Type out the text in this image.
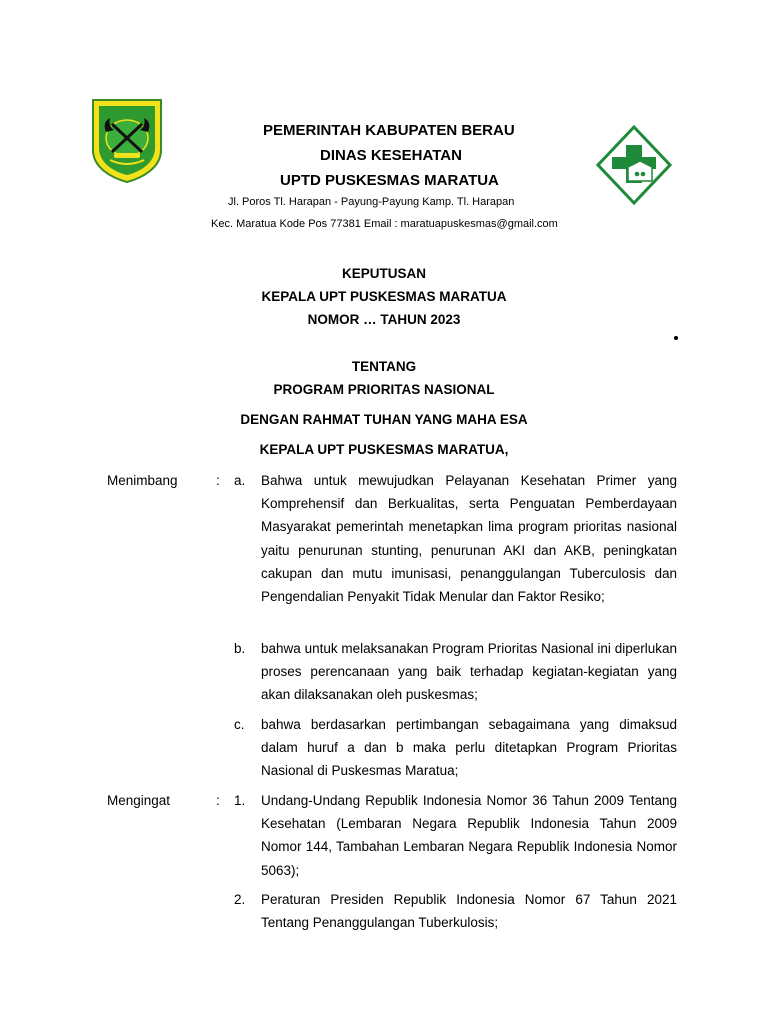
PEMERINTAH KABUPATEN BERAU
DINAS KESEHATAN
UPTD PUSKESMAS MARATUA
Jl. Poros Tl. Harapan - Payung-Payung Kamp. Tl. Harapan
Kec. Maratua Kode Pos 77381 Email : maratuapuskesmas@gmail.com
KEPUTUSAN
KEPALA UPT PUSKESMAS MARATUA
NOMOR … TAHUN 2023
TENTANG
PROGRAM PRIORITAS NASIONAL
DENGAN RAHMAT TUHAN YANG MAHA ESA
KEPALA UPT PUSKESMAS MARATUA,
Menimbang	: a. Bahwa untuk mewujudkan Pelayanan Kesehatan Primer yang Komprehensif dan Berkualitas, serta Penguatan Pemberdayaan Masyarakat pemerintah menetapkan lima program prioritas nasional yaitu penurunan stunting, penurunan AKI dan AKB, peningkatan cakupan dan mutu imunisasi, penanggulangan Tuberculosis dan Pengendalian Penyakit Tidak Menular dan Faktor Resiko;
b. bahwa untuk melaksanakan Program Prioritas Nasional ini diperlukan proses perencanaan yang baik terhadap kegiatan-kegiatan yang akan dilaksanakan oleh puskesmas;
c. bahwa berdasarkan pertimbangan sebagaimana yang dimaksud dalam huruf a dan b maka perlu ditetapkan Program Prioritas Nasional di Puskesmas Maratua;
Mengingat	: 1. Undang-Undang Republik Indonesia Nomor 36 Tahun 2009 Tentang Kesehatan (Lembaran Negara Republik Indonesia Tahun 2009 Nomor 144, Tambahan Lembaran Negara Republik Indonesia Nomor 5063);
2. Peraturan Presiden Republik Indonesia Nomor 67 Tahun 2021 Tentang Penanggulangan Tuberkulosis;
